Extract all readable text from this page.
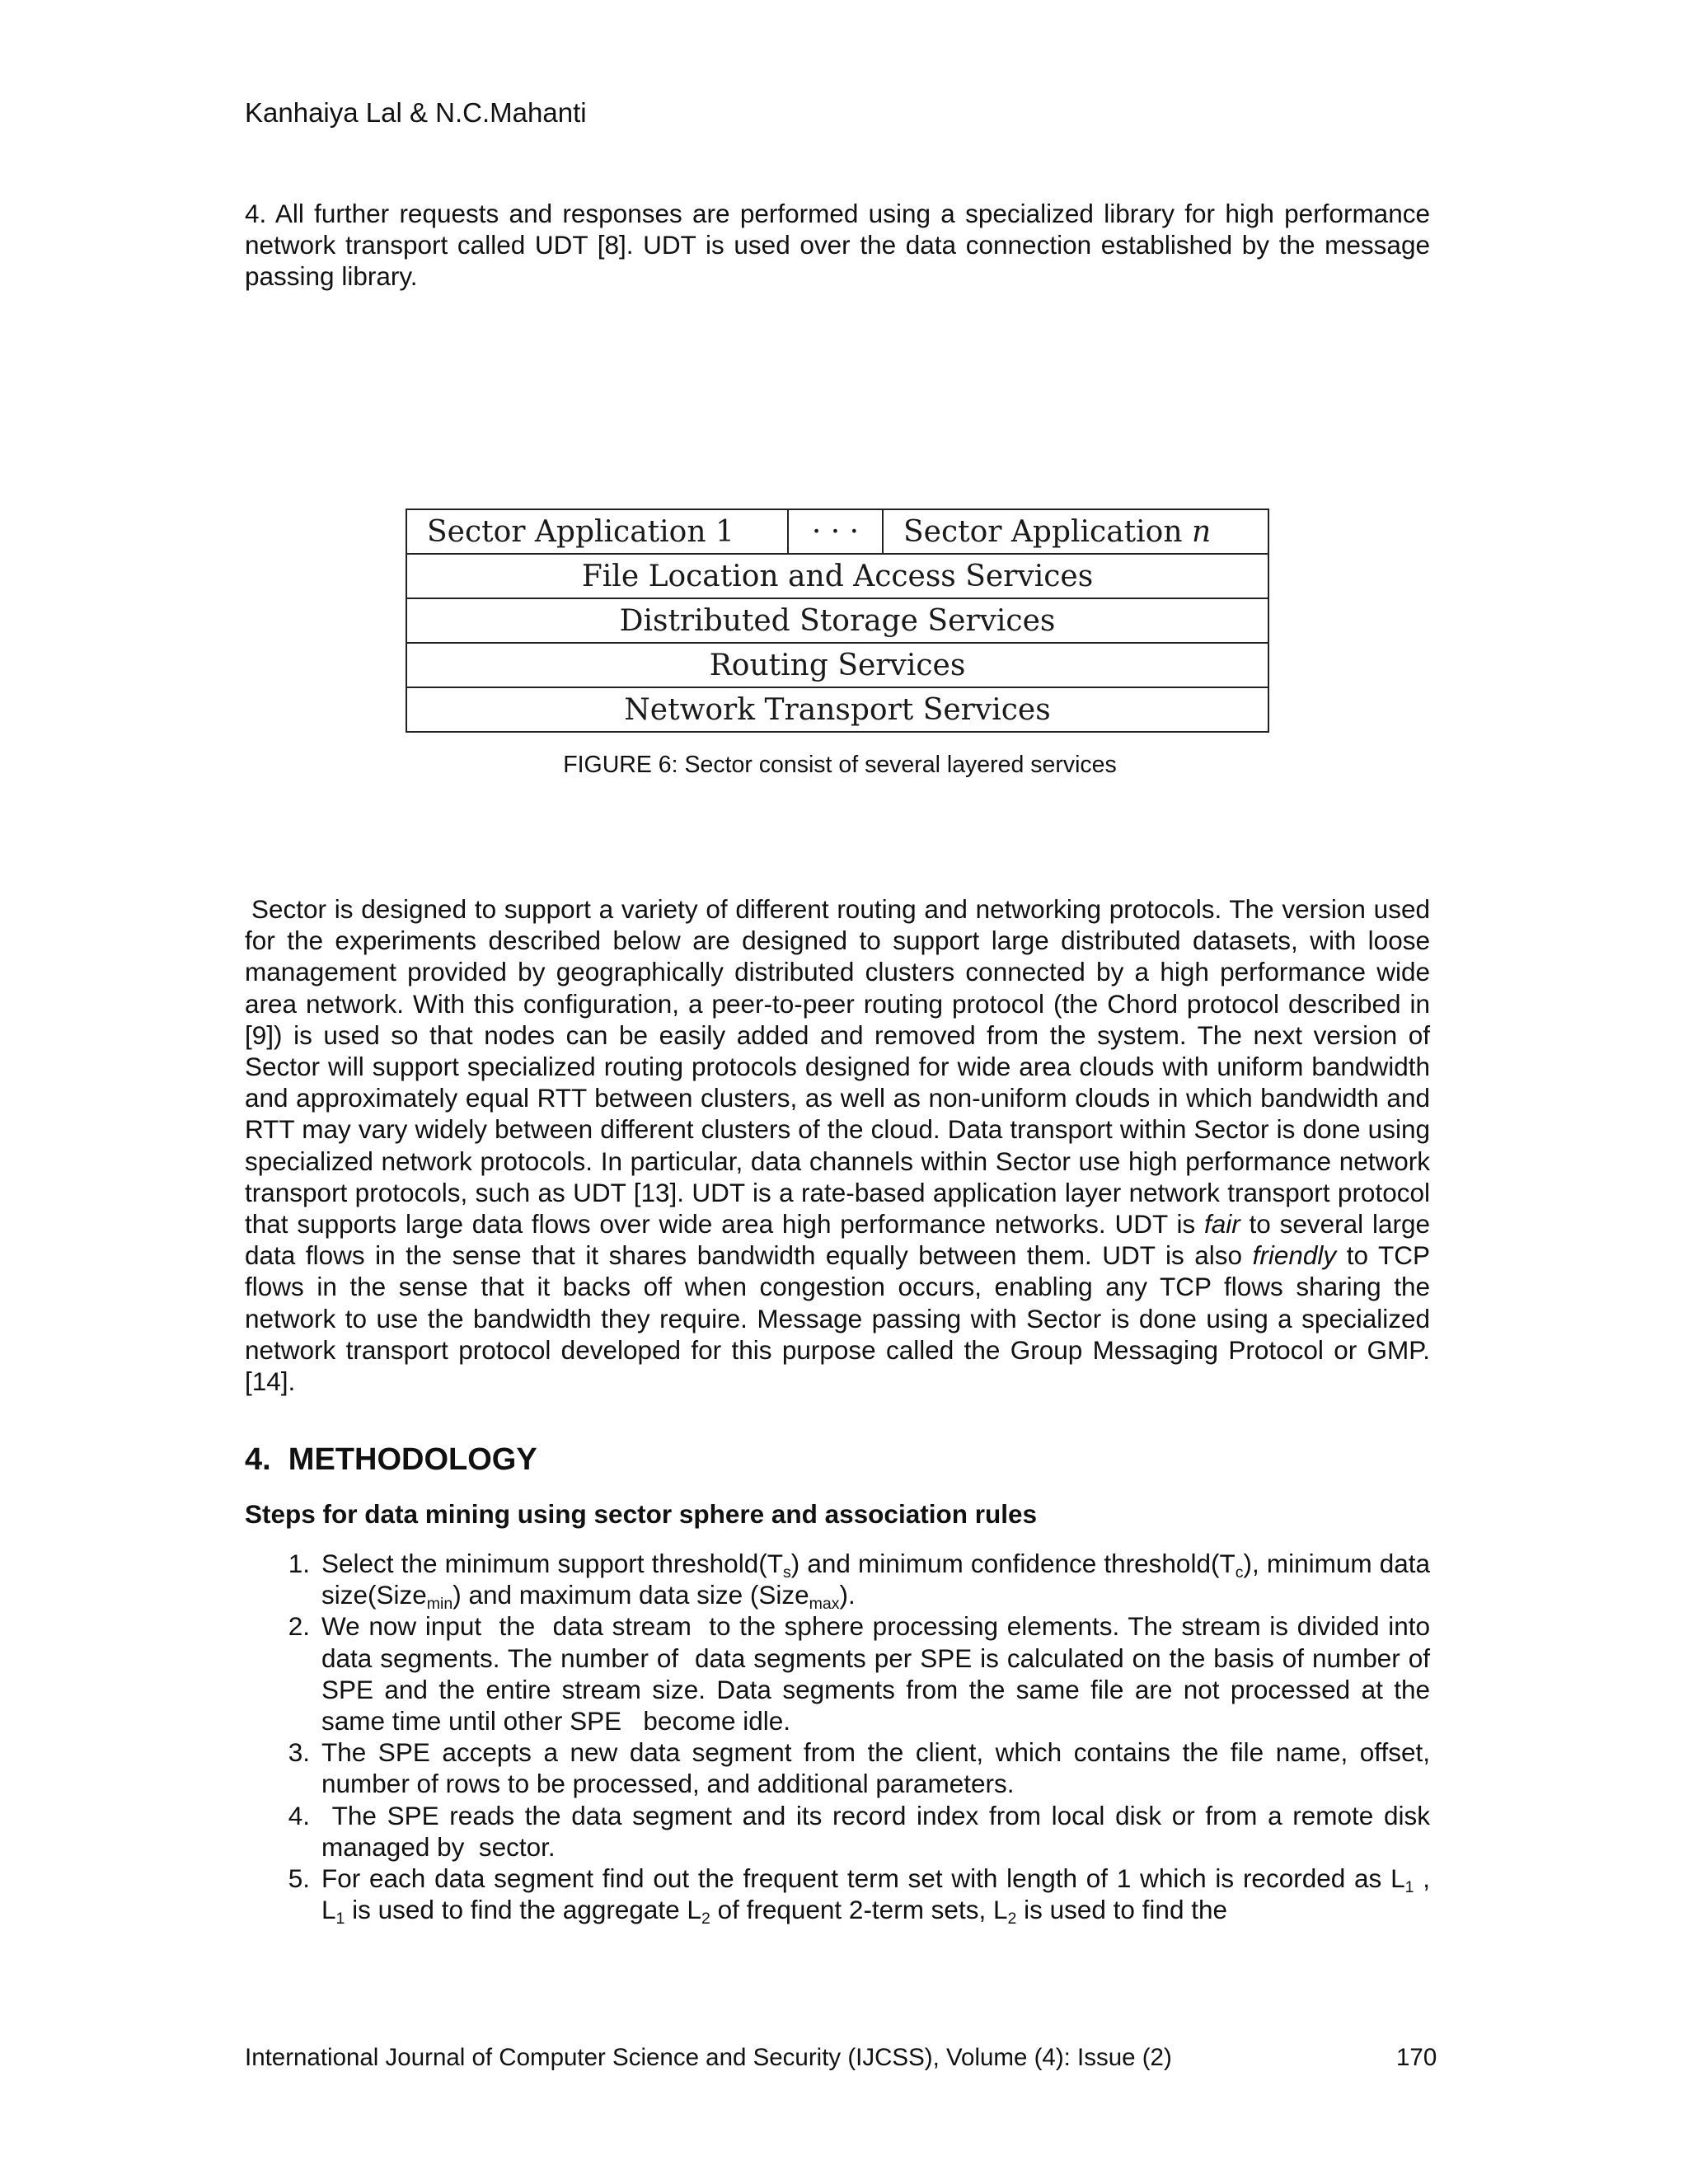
Kanhaiya Lal & N.C.Mahanti

4. All further requests and responses are performed using a specialized library for high performance network transport called UDT [8]. UDT is used over the data connection established by the message passing library.

Sector Application 1	· · ·	Sector Application n
File Location and Access Services
Distributed Storage Services
Routing Services
Network Transport Services
FIGURE 6: Sector consist of several layered services

Sector is designed to support a variety of different routing and networking protocols. The version used for the experiments described below are designed to support large distributed datasets, with loose management provided by geographically distributed clusters connected by a high performance wide area network. With this configuration, a peer-to-peer routing protocol (the Chord protocol described in [9]) is used so that nodes can be easily added and removed from the system. The next version of Sector will support specialized routing protocols designed for wide area clouds with uniform bandwidth and approximately equal RTT between clusters, as well as non-uniform clouds in which bandwidth and RTT may vary widely between different clusters of the cloud. Data transport within Sector is done using specialized network protocols. In particular, data channels within Sector use high performance network transport protocols, such as UDT [13]. UDT is a rate-based application layer network transport protocol that supports large data flows over wide area high performance networks. UDT is fair to several large data flows in the sense that it shares bandwidth equally between them. UDT is also friendly to TCP flows in the sense that it backs off when congestion occurs, enabling any TCP flows sharing the network to use the bandwidth they require. Message passing with Sector is done using a specialized network transport protocol developed for this purpose called the Group Messaging Protocol or GMP. [14].

4.  METHODOLOGY
Steps for data mining using sector sphere and association rules
1. Select the minimum support $threshold(T_s)$ and minimum confidence $threshold(T_c)$, minimum data size(Size$_{min}$) and maximum data size (Size$_{max}$).
2. We now input  the  data stream  to the sphere processing elements. The stream is divided into data segments. The number of  data segments per SPE is calculated on the basis of number of SPE and the entire stream size. Data segments from the same file are not processed at the same time until other SPE   become idle.
3. The SPE accepts a new data segment from the client, which contains the file name, offset, number of rows to be processed, and additional parameters.
4. The SPE reads the data segment and its record index from local disk or from a remote disk managed by  sector.
5. For each data segment find out the frequent term set with length of 1 which is recorded as $L_1$ ,   $L_1$ is used to find the aggregate $L_2$ of frequent 2-term sets, $L_2$ is used to find the
International Journal of Computer Science and Security (IJCSS), Volume (4): Issue (2)	170
